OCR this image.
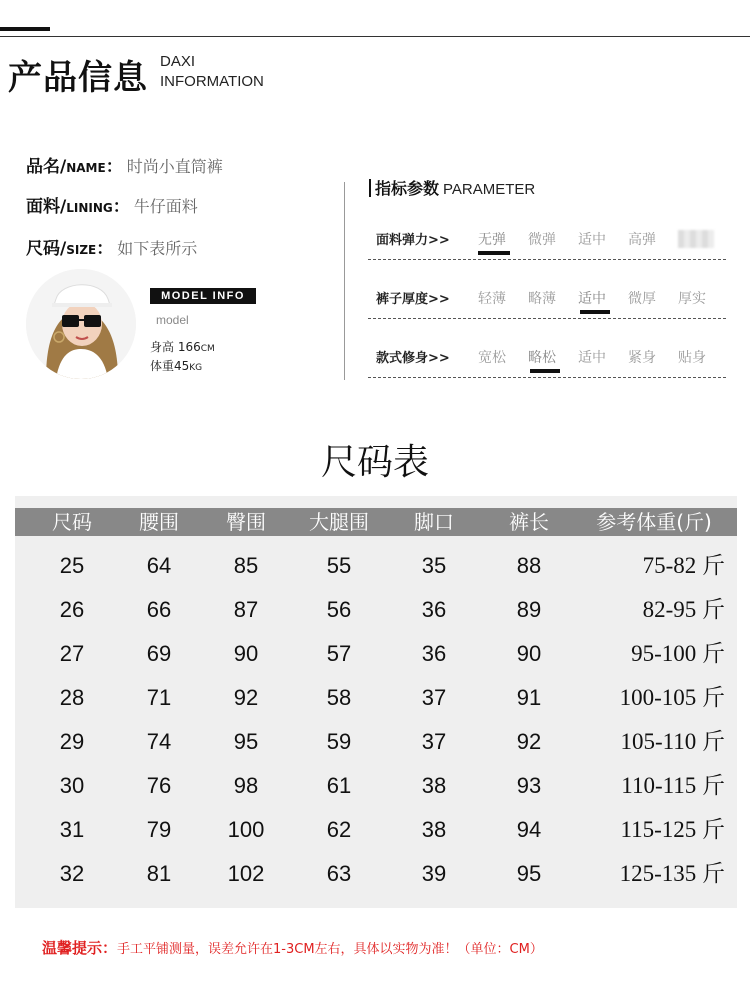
产品信息 DAXI
INFORMATION
品名/NAME： 时尚小直筒裤
面料/LINING： 牛仔面料
尺码/SIZE： 如下表所示
MODEL INFO
model
身高 166CM
体重45KG
指标参数 PARAMETER
面料弹力>> 无弹 微弹 适中 高弹
裤子厚度>> 轻薄 略薄 适中 微厚 厚实
款式修身>> 宽松 略松 适中 紧身 贴身
尺码表
尺码 腰围 臀围 大腿围 脚口	裤长 参考体重(斤)
25	64	85	55	35	88	75-82 斤
26	66	87	56	36	89	82-95 斤
27	69	90	57	36	90	95-100 斤
28	71	92	58	37	91	100-105 斤
29	74	95	59	37	92	105-110 斤
30	76	98	61	38	93	110-115 斤
31	79	100	62	38	94	115-125 斤
32	81	102	63	39	95	125-135 斤
温馨提示：手工平铺测量，误差允许在1-3CM左右，具体以实物为准！（单位：CM）
